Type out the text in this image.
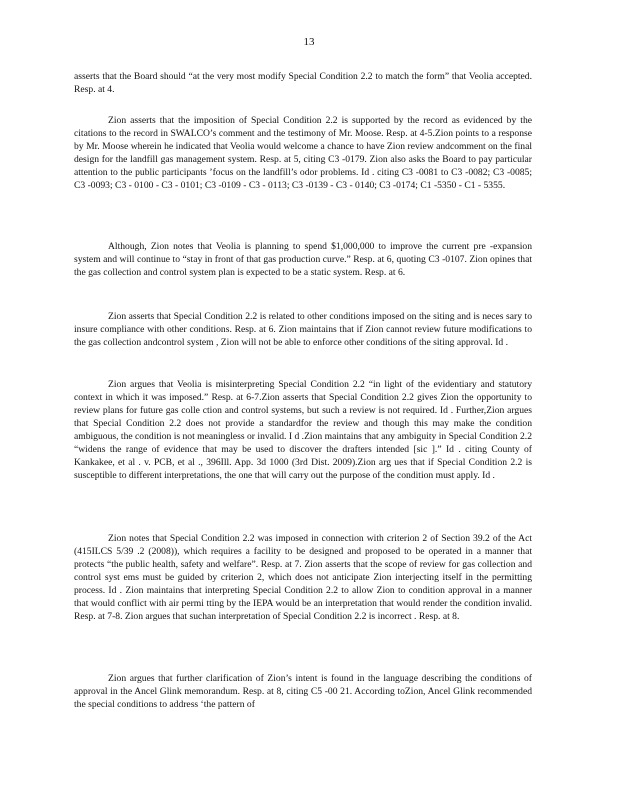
13

asserts that the Board should “at the very most modify Special Condition 2.2 to match the form” that Veolia accepted. Resp. at 4.

Zion asserts that the imposition of Special Condition 2.2 is supported by the record as evidenced by the citations to the record in SWALCO’s comment and the testimony of Mr. Moose. Resp. at 4-5.Zion points to a response by Mr. Moose wherein he indicated that Veolia would welcome a chance to have Zion review andcomment on the final design for the landfill gas management system. Resp. at 5, citing C3 -0179. Zion also asks the Board to pay particular attention to the public participants ’focus on the landfill’s odor problems. Id . citing C3 -0081 to C3 -0082; C3 -0085; C3 -0093; C3 - 0100 - C3 - 0101; C3 -0109 - C3 - 0113; C3 -0139 - C3 - 0140; C3 -0174; C1 -5350 - C1 - 5355.

Although, Zion notes that Veolia is planning to spend $1,000,000 to improve the current pre -expansion system and will continue to “stay in front of that gas production curve.” Resp. at 6, quoting C3 -0107. Zion opines that the gas collection and control system plan is expected to be a static system. Resp. at 6.

Zion asserts that Special Condition 2.2 is related to other conditions imposed on the siting and is neces sary to insure compliance with other conditions. Resp. at 6. Zion maintains that if Zion cannot review future modifications to the gas collection andcontrol system , Zion will not be able to enforce other conditions of the siting approval. Id .

Zion argues that Veolia is misinterpreting Special Condition 2.2 “in light of the evidentiary and statutory context in which it was imposed.” Resp. at 6-7.Zion asserts that Special Condition 2.2 gives Zion the opportunity to review plans for future gas colle ction and control systems, but such a review is not required. Id . Further,Zion argues that Special Condition 2.2 does not provide a standardfor the review and though this may make the condition ambiguous, the condition is not meaningless or invalid. I d .Zion maintains that any ambiguity in Special Condition 2.2 “widens the range of evidence that may be used to discover the drafters intended [sic ].” Id . citing County of Kankakee, et al . v. PCB, et al ., 396Ill. App. 3d 1000 (3rd Dist. 2009).Zion arg ues that if Special Condition 2.2 is susceptible to different interpretations, the one that will carry out the purpose of the condition must apply. Id .

Zion notes that Special Condition 2.2 was imposed in connection with criterion 2 of Section 39.2 of the Act (415ILCS 5/39 .2 (2008)), which requires a facility to be designed and proposed to be operated in a manner that protects “the public health, safety and welfare”. Resp. at 7. Zion asserts that the scope of review for gas collection and control syst ems must be guided by criterion 2, which does not anticipate Zion interjecting itself in the permitting process. Id . Zion maintains that interpreting Special Condition 2.2 to allow Zion to condition approval in a manner that would conflict with air permi tting by the IEPA would be an interpretation that would render the condition invalid. Resp. at 7-8. Zion argues that suchan interpretation of Special Condition 2.2 is incorrect . Resp. at 8.

Zion argues that further clarification of Zion’s intent is found in the language describing the conditions of approval in the Ancel Glink memorandum. Resp. at 8, citing C5 -00 21. According toZion, Ancel Glink recommended the special conditions to address ‘the pattern of
